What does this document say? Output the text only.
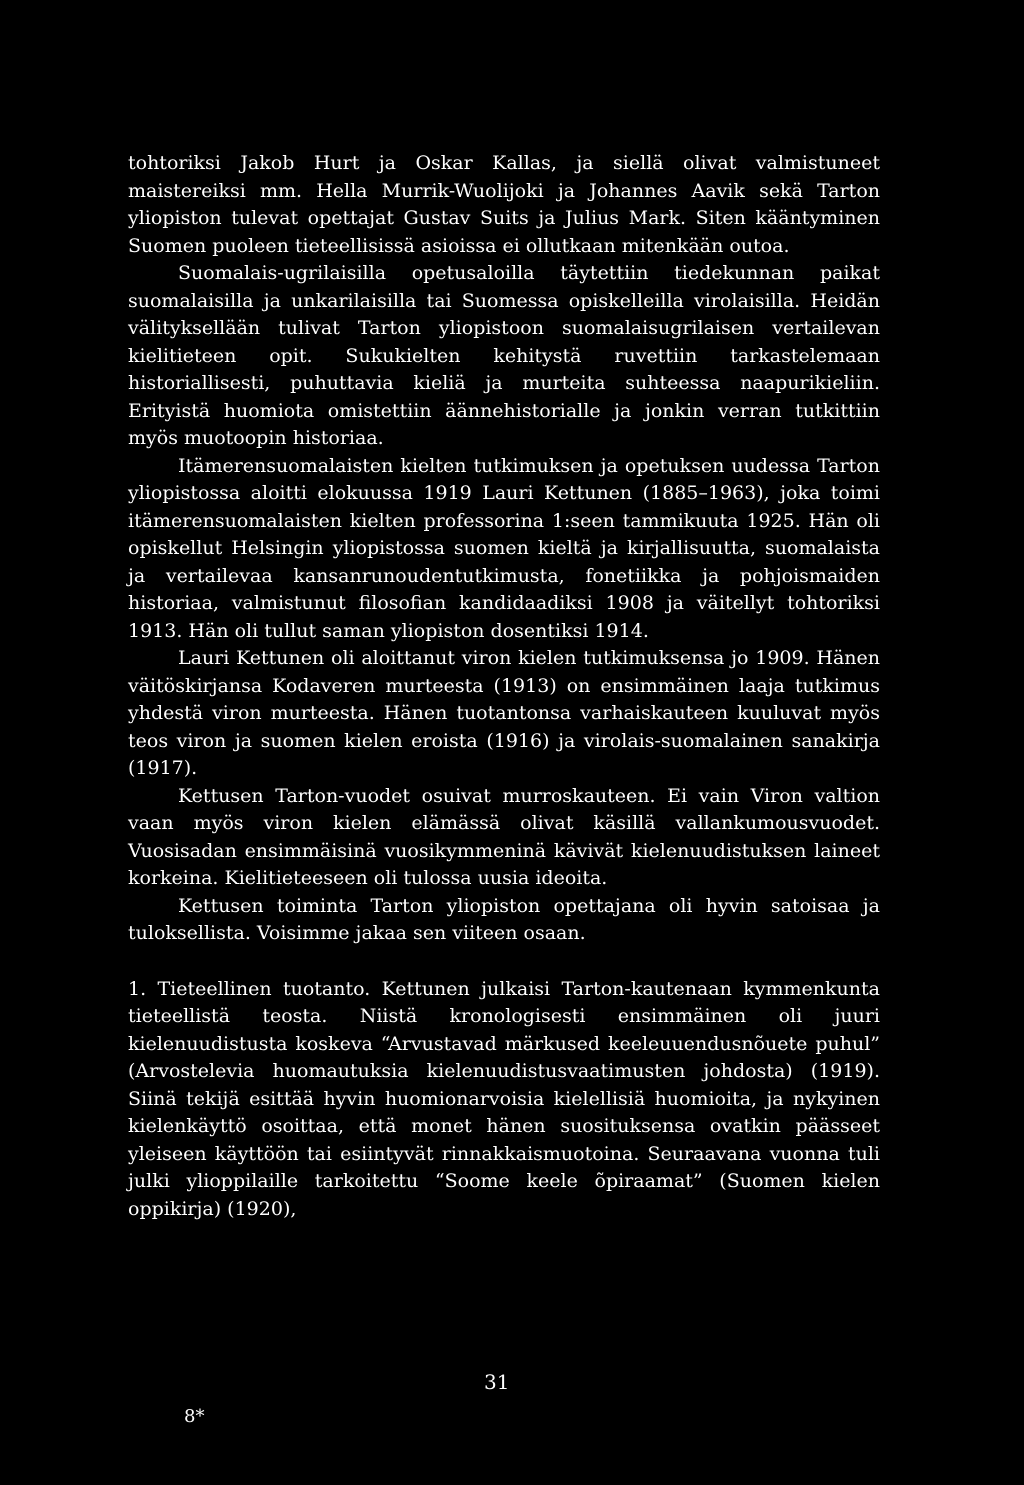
tohtoriksi Jakob Hurt ja Oskar Kallas, ja siellä olivat valmistuneet maistereiksi mm. Hella Murrik-Wuolijoki ja Johannes Aavik sekä Tarton yliopiston tulevat opettajat Gustav Suits ja Julius Mark. Siten kääntyminen Suomen puoleen tieteellisissä asioissa ei ollutkaan mitenkään outoa.

Suomalais-ugrilaisilla opetusaloilla täytettiin tiedekunnan paikat suomalaisilla ja unkarilaisilla tai Suomessa opiskelleilla virolaisilla. Heidän välityksellään tulivat Tarton yliopistoon suomalaisugrilaisen vertailevan kielitieteen opit. Sukukielten kehitystä ruvettiin tarkastelemaan historiallisesti, puhuttavia kieliä ja murteita suhteessa naapurikieliin. Erityistä huomiota omistettiin äännehistorialle ja jonkin verran tutkittiin myös muotoopin historiaa.

Itämerensuomalaisten kielten tutkimuksen ja opetuksen uudessa Tarton yliopistossa aloitti elokuussa 1919 Lauri Kettunen (1885–1963), joka toimi itämerensuomalaisten kielten professorina 1:seen tammikuuta 1925. Hän oli opiskellut Helsingin yliopistossa suomen kieltä ja kirjallisuutta, suomalaista ja vertailevaa kansanrunoudentutkimusta, fonetiikka ja pohjoismaiden historiaa, valmistunut filosofian kandidaadiksi 1908 ja väitellyt tohtoriksi 1913. Hän oli tullut saman yliopiston dosentiksi 1914.

Lauri Kettunen oli aloittanut viron kielen tutkimuksensa jo 1909. Hänen väitöskirjansa Kodaveren murteesta (1913) on ensimmäinen laaja tutkimus yhdestä viron murteesta. Hänen tuotantonsa varhaiskauteen kuuluvat myös teos viron ja suomen kielen eroista (1916) ja virolais-suomalainen sanakirja (1917).

Kettusen Tarton-vuodet osuivat murroskauteen. Ei vain Viron valtion vaan myös viron kielen elämässä olivat käsillä vallankumousvuodet. Vuosisadan ensimmäisinä vuosikymmeninä kävivät kielenuudistuksen laineet korkeina. Kielitieteeseen oli tulossa uusia ideoita.

Kettusen toiminta Tarton yliopiston opettajana oli hyvin satoisaa ja tuloksellista. Voisimme jakaa sen viiteen osaan.

1. Tieteellinen tuotanto. Kettunen julkaisi Tarton-kautenaan kymmenkunta tieteellistä teosta. Niistä kronologisesti ensimmäinen oli juuri kielenuudistusta koskeva “Arvustavad märkused keeleuuendusnõuete puhul” (Arvostelevia huomautuksia kielenuudistusvaatimusten johdosta) (1919). Siinä tekijä esittää hyvin huomionarvoisia kielellisiä huomioita, ja nykyinen kielenkäyttö osoittaa, että monet hänen suosituksensa ovatkin päässeet yleiseen käyttöön tai esiintyvät rinnakkaismuotoina. Seuraavana vuonna tuli julki ylioppilaille tarkoitettu “Soome keele õpiraamat” (Suomen kielen oppikirja) (1920),

31
8*
